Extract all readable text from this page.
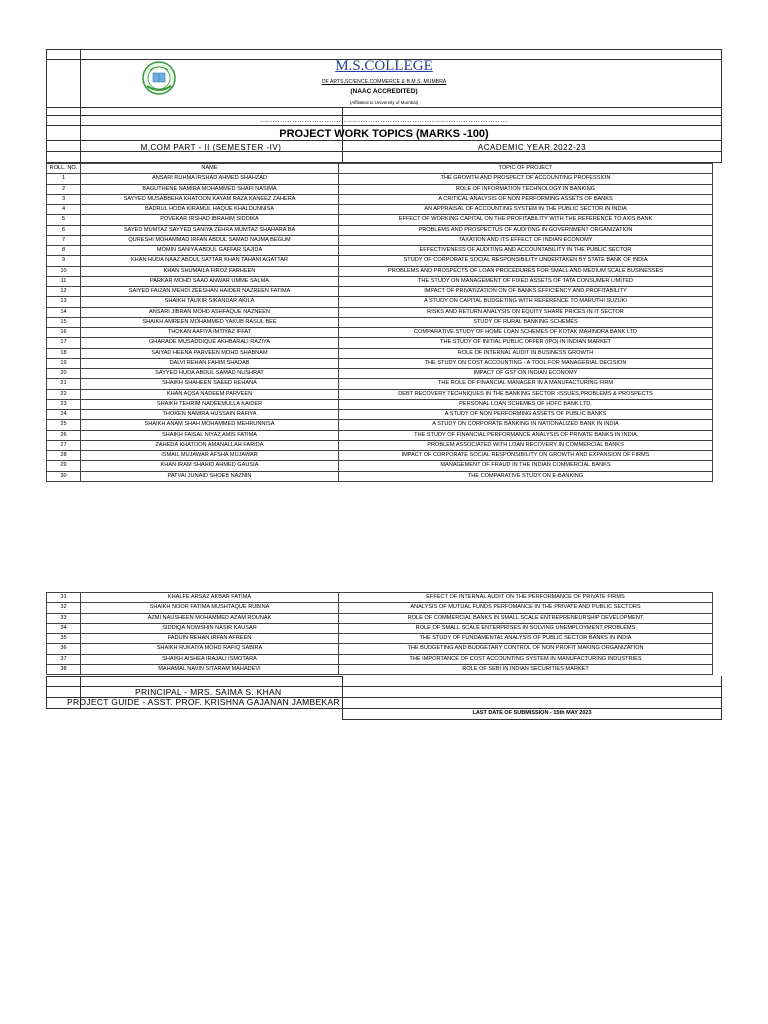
M.S.COLLEGE
OF ARTS,SCIENCE,COMMERCE & B.M.S. MUMBRA
(NAAC ACCREDITED)
(Affiliated to University of Mumbai)
.....................................................................................................
PROJECT WORK TOPICS (MARKS -100)
M.COM PART - II (SEMESTER -IV)	ACADEMIC YEAR 2022-23
ROLL. NO.	NAME	TOPIC OF PROJECT
1	ANSARI RUHMA IRSHAD AHMED SHAHZAD	THE GROWTH AND PROSPECT OF ACCOUNTING PROFESSION
2	BAGUTHENE NAMIRA MOHAMMED SHAFI NASIMA	ROLE OF INFORMATION TECHNOLOGY IN BANKING
3	SAYYED MUSABBEHA KHATOON KAYAM RAZA KANEEZ ZAHERA	A CRITICAL ANALYSIS OF NON PERFORMING ASSETS OF BANKS
4	BADRUL HODA KIRAMUL HAQUE KHALDUNNISA	AN APPRAISAL OF ACCOUNTING SYSTEM IN THE PUBLIC SECTOR IN INDIA
5	POVEKAR IRSHAD IBRAHIM SIDDIKA	EFFECT OF WORKING CAPITAL ON THE PROFITABILITY WITH THE REFERENCE TO AXIS BANK
6	SAYED MUMTAZ SAYYED SANIYA ZEHRA MUMTAZ SHAHARA BA	PROBLEMS AND PROSPECTUS OF AUDITING IN GOVERNMENT ORGANIZATION
7	QURESHI MOHAMMAD IRFAN ABDUL SAMAD NAJMA BEGUM	TAXATION AND ITS EFFECT OF INDIAN ECONOMY
8	MOMIN SANIYA ABDUL GAFFAR SAJIDA	EFFECTIVENESS OF AUDITING AND ACCOUNTABILITY IN THE PUBLIC SECTOR
9	KHAN HUDA NAAZ ABDUL SATTAR KHAN TAHANI AGATTAR	STUDY OF CORPORATE SOCIAL RESPONSIBILITY UNDERTAKEN BY STATE BANK OF INDIA
10	KHAN SHUMAILA FIROZ FARHEEN	PROBLEMS AND PROSPECTS OF LOAN PROCEDURES FOR SMALL AND MEDIUM SCALE BUSINESSES
11	PARKAR MOHD SAAD ANWAR UMME SALMA	THE STUDY ON MANAGEMENT OF FIXED ASSETS OF TATA CONSUMER LIMITED
12	SAIYED FAIZAN MEHDI ZEESHAN HAIDER NAZREEN FATIMA	IMPACT OF PRIVATIZATION ON OF BANKS EFFICIENCY AND PROFITABILITY
13	SHAIKH TAUKIR SIKANDAR AKILA	A STUDY ON CAPITAL BUDGETING WITH REFERENCE TO MARUTHI SUZUKI
14	ANSARI JIBRAN MOHD ASHFAQUE NAZNEEN	RISKS AND RETURN ANALYSIS ON EQUITY SHARE PRICES IN IT SECTOR
15	SHAIKH AMREEN MOHAMMED YAKUB RASUL BEE	STUDY OF RURAL BANKING SCHEMES
16	THOKAN AAFIYA IMTIYAZ IFFAT	COMPARATIVE STUDY OF HOME LOAN SCHEMES OF KOTAK MAHINDRA BANK LTD
17	GHARADE MUSADDIQUE AKHBARALI RAZIYA	THE STUDY OF INITIAL PUBLIC OFFER (IPO) IN INDIAN MARKET
18	SAIYAD HEENA PARVEEN MOHD SHABNAM	ROLE OF INTERNAL AUDIT IN BUSINESS GROWTH
19	DALVI REHAN FAHIM SHADAB	THE STUDY ON COST ACCOUNTING - A TOOL FOR MANAGERIAL DECISION
20	SAYYED HUDA ABDUL SAMAD NUSHRAT	IMPACT OF GST ON INDIAN ECONOMY
21	SHAIKH SHAHEEN SAEED REHANA	THE ROLE OF FINANCIAL MANAGER IN A MANUFACTURING FIRM
22	KHAN AQSA NADEEM PARVEEN	DEBT RECOVERY TECHNIQUES IN THE BANKING SECTOR :ISSUES,PROBLEMS & PROSPECTS
23	SHAIKH TEHRIM NADEEMULLA KAIDER	PERSONAL LOAN SCHEMES OF HDFC BANK LTD.
24	THOKEN NAMIRA HUSSAIN RAFIYA	A STUDY OF NON PERFORMING ASSETS OF PUBLIC BANKS
25	SHAIKH ANAM SHAH MOHAMMED MEHRUNNISA	A STUDY ON CORPORATE BANKING IN NATIONALIZED BANK IN INDIA
26	SHAIKH FAISAL NIYAZ AMIS FATIMA	THE STUDY OF FINANCIAL PERFORMANCE ANALYSIS OF PRIVATE BANKS IN INDIA
27	ZAHEDA KHATOON AMANALLAH FARIDA	PROBLEM ASSOCIATED WITH LOAN RECOVERY IN COMMERCIAL BANKS
28	ISMAIL MUJAWAR AFSHA MUJAWAR	IMPACT OF CORPORATE SOCIAL RESPONSIBILITY ON GROWTH AND EXPANSION OF FIRMS
29	KHAN IRAM SHAHID AHMED GAUSIA	MANAGEMENT OF FRAUD IN THE INDIAN COMMERCIAL BANKS
30	PATVAI JUNAID SHOEB NAZNIN	THE COMPARATIVE STUDY ON E-BANKING
31	KHALFE ARSAZ AKBAR FATIMA	EFFECT OF INTERNAL AUDIT ON THE PERFORMANCE OF PRIVATE FIRMS
32	SHAIKH NOOR FATIMA MUSHTAQUE RUBINA	ANALYSIS OF MUTUAL FUNDS PERFOMANCE IN THE PRIVATE AND PUBLIC SECTORS
33	AZMI NAUSHEEN MOHAMMED AZAM ROUNAK	ROLE OF COMMERCIAL BANKS IN SMALL SCALE ENTREPRENEURSHIP DEVELOPMENT
34	SIDDIQA NOWSHIN NASIR KAUSAR	ROLE OF SMALL SCALE ENTERPRISES IN SOLVING UNEMPLOYMENT PROBLEMS
35	FADUIN REHAN IRFAN AFREEN	THE STUDY OF FUNDAMENTAL ANALYSIS OF PUBLIC SECTOR BANKS IN INDIA
36	SHAIKH RUKAIYA MOHD RAFIQ SABIRA	THE BUDGETING AND BUDGETARY CONTROL OF NON PROFIT MAKING ORGANIZATION
37	SHAIKH AISHEA IRAJALI ISMOTARA	THE IMPORTANCE OF COST ACCOUNTING SYSTEM IN MANUFACTURING INDUSTRIES
38	MAHAMAL NAVIN SITARAM MAHADEVI	ROLE OF SEBI IN INDIAN SECURITIES MARKET
PRINCIPAL - MRS. SAIMA S. KHAN
PROJECT GUIDE - ASST. PROF. KRISHNA GAJANAN JAMBEKAR
LAST DATE OF SUBMISSION - 15th MAY 2023
